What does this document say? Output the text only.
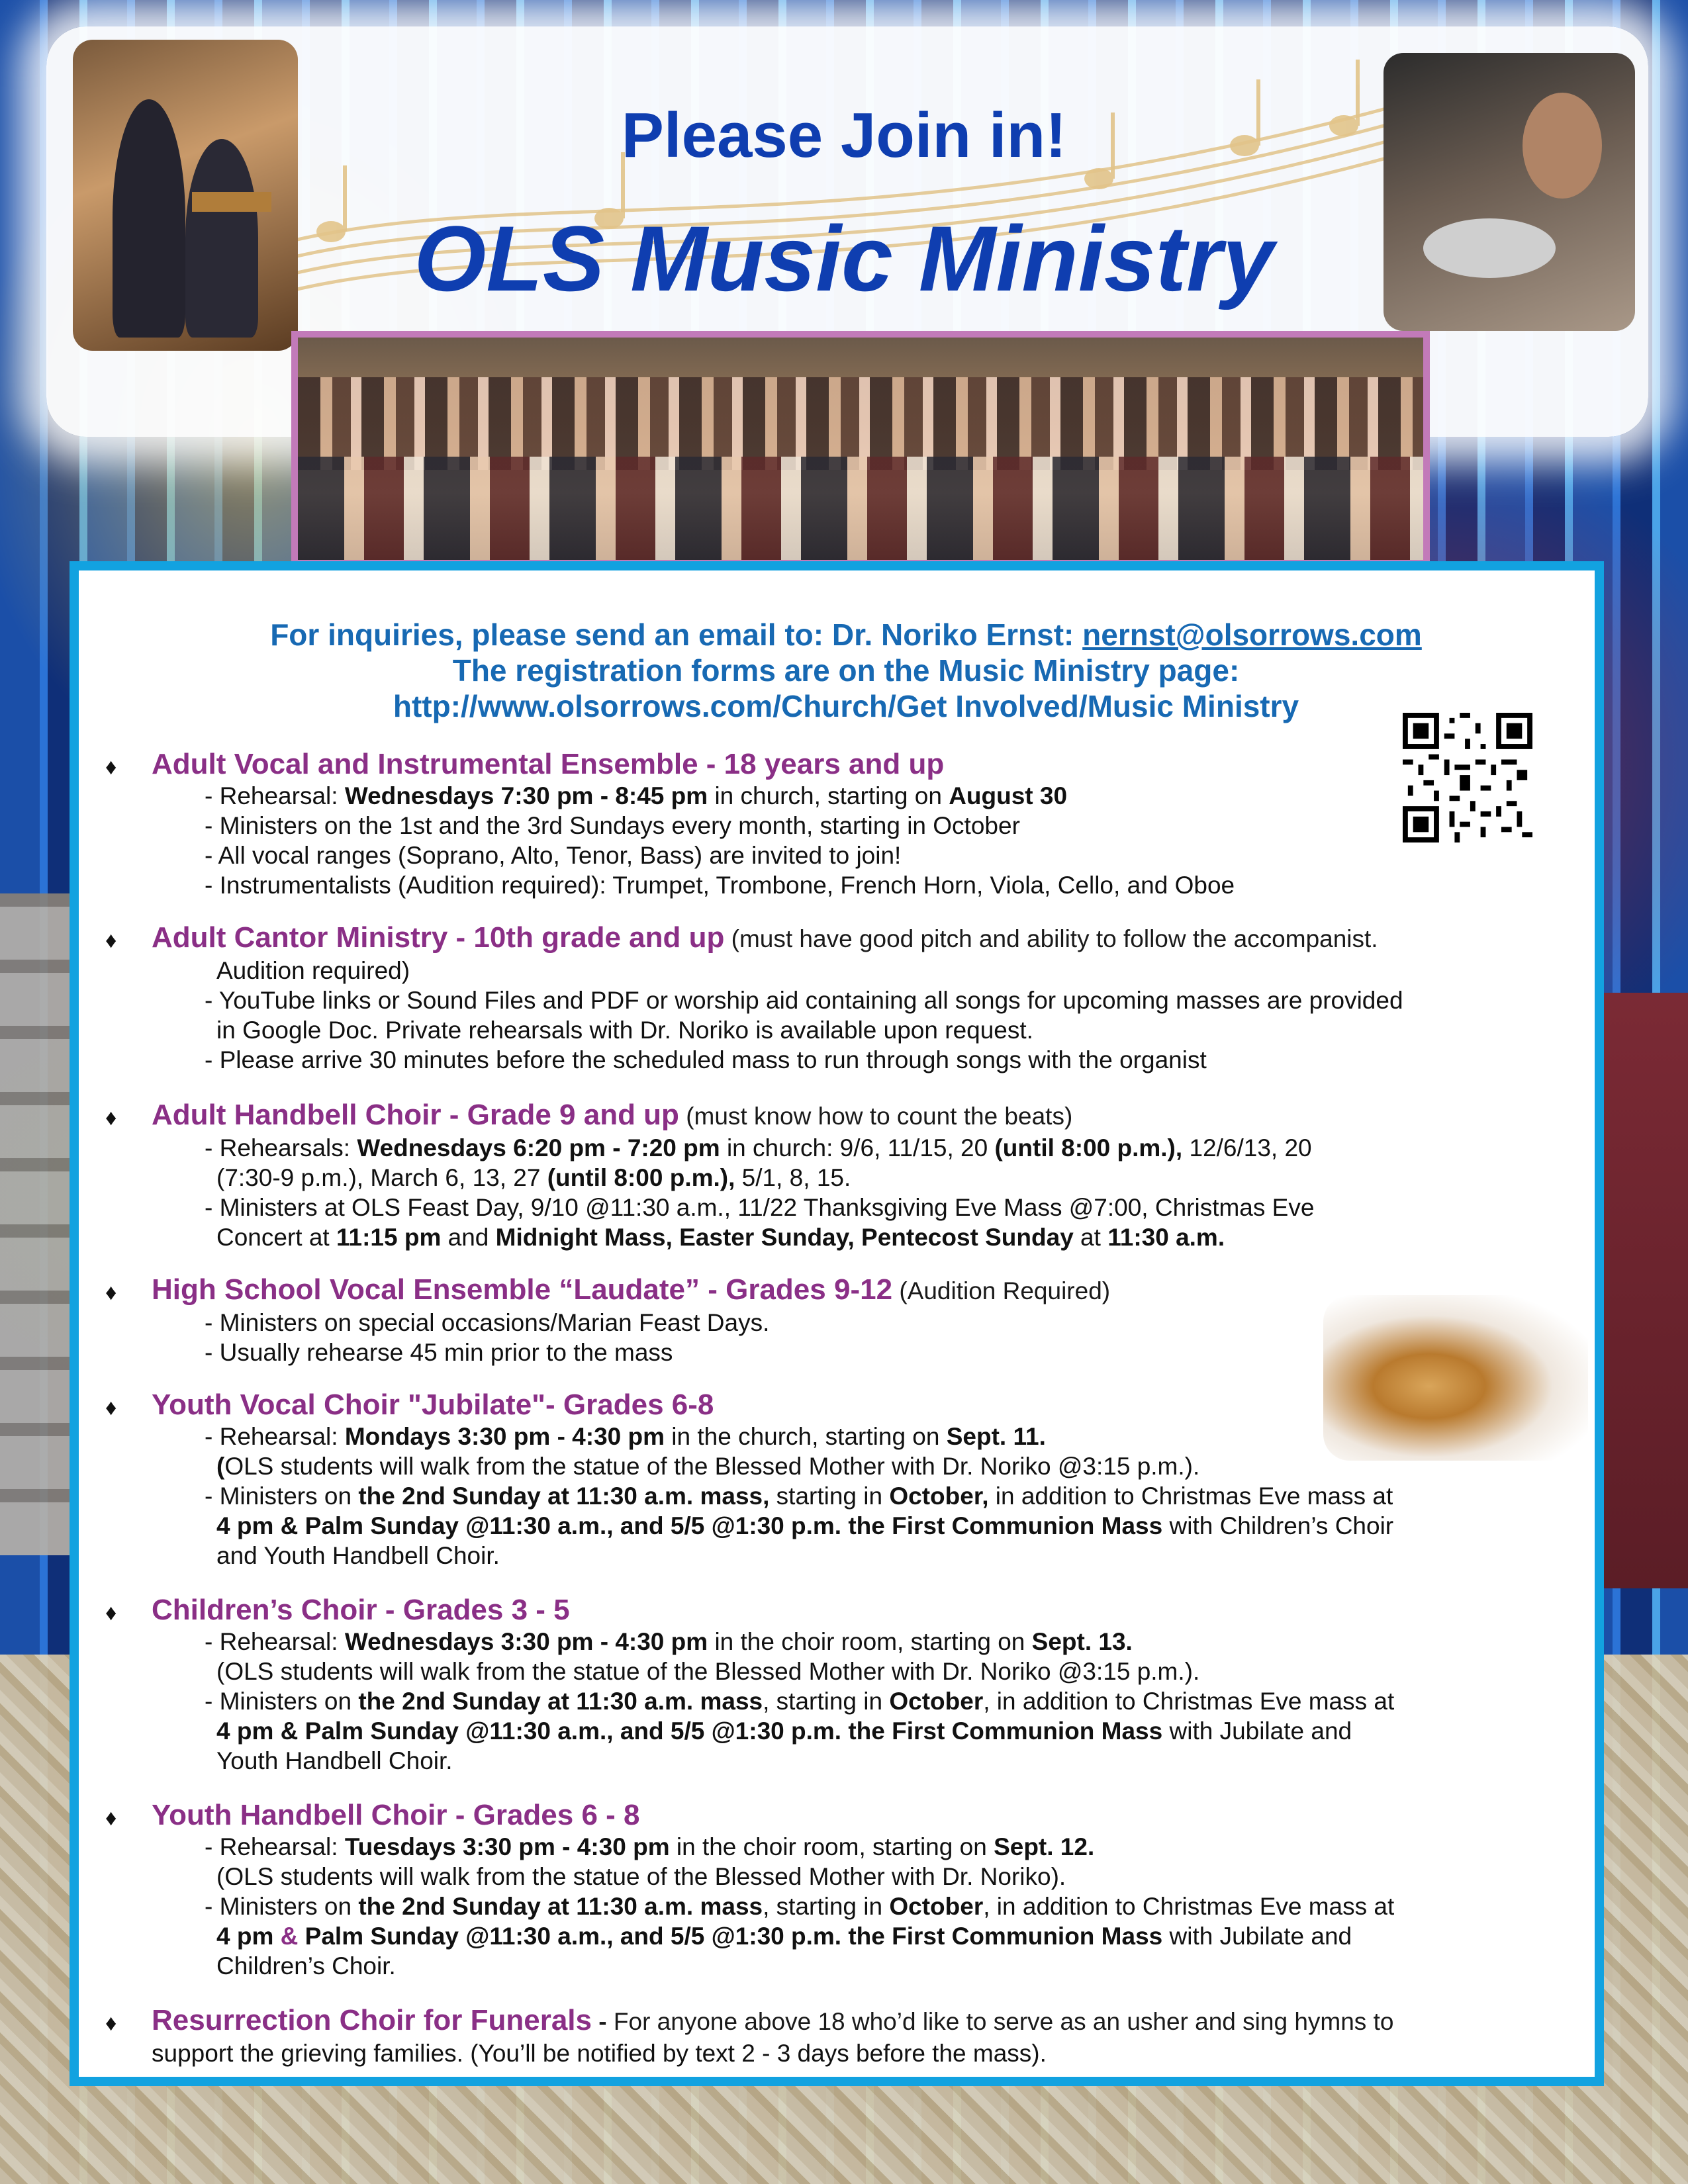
Please Join in!
OLS Music Ministry
For inquiries, please send an email to: Dr. Noriko Ernst: nernst@olsorrows.com
The registration forms are on the Music Ministry page:
http://www.olsorrows.com/Church/Get Involved/Music Ministry
♦ Adult Vocal and Instrumental Ensemble - 18 years and up
- Rehearsal: Wednesdays 7:30 pm - 8:45 pm in church, starting on August 30
- Ministers on the 1st and the 3rd Sundays every month, starting in October
- All vocal ranges (Soprano, Alto, Tenor, Bass) are invited to join!
- Instrumentalists (Audition required): Trumpet, Trombone, French Horn, Viola, Cello, and Oboe
♦ Adult Cantor Ministry - 10th grade and up (must have good pitch and ability to follow the accompanist.
Audition required)
- YouTube links or Sound Files and PDF or worship aid containing all songs for upcoming masses are provided
in Google Doc. Private rehearsals with Dr. Noriko is available upon request.
- Please arrive 30 minutes before the scheduled mass to run through songs with the organist
♦ Adult Handbell Choir - Grade 9 and up (must know how to count the beats)
- Rehearsals: Wednesdays 6:20 pm - 7:20 pm in church: 9/6, 11/15, 20 (until 8:00 p.m.), 12/6/13, 20
(7:30-9 p.m.), March 6, 13, 27 (until 8:00 p.m.), 5/1, 8, 15.
- Ministers at OLS Feast Day, 9/10 @11:30 a.m., 11/22 Thanksgiving Eve Mass @7:00, Christmas Eve
Concert at 11:15 pm and Midnight Mass, Easter Sunday, Pentecost Sunday at 11:30 a.m.
♦ High School Vocal Ensemble “Laudate” - Grades 9-12 (Audition Required)
- Ministers on special occasions/Marian Feast Days.
- Usually rehearse 45 min prior to the mass
♦ Youth Vocal Choir "Jubilate"- Grades 6-8
- Rehearsal: Mondays 3:30 pm - 4:30 pm in the church, starting on Sept. 11.
(OLS students will walk from the statue of the Blessed Mother with Dr. Noriko @3:15 p.m.).
- Ministers on the 2nd Sunday at 11:30 a.m. mass, starting in October, in addition to Christmas Eve mass at
4 pm & Palm Sunday @11:30 a.m., and 5/5 @1:30 p.m. the First Communion Mass with Children’s Choir
and Youth Handbell Choir.
♦ Children’s Choir - Grades 3 - 5
- Rehearsal: Wednesdays 3:30 pm - 4:30 pm in the choir room, starting on Sept. 13.
(OLS students will walk from the statue of the Blessed Mother with Dr. Noriko @3:15 p.m.).
- Ministers on the 2nd Sunday at 11:30 a.m. mass, starting in October, in addition to Christmas Eve mass at
4 pm & Palm Sunday @11:30 a.m., and 5/5 @1:30 p.m. the First Communion Mass with Jubilate and
Youth Handbell Choir.
♦ Youth Handbell Choir - Grades 6 - 8
- Rehearsal: Tuesdays 3:30 pm - 4:30 pm in the choir room, starting on Sept. 12.
(OLS students will walk from the statue of the Blessed Mother with Dr. Noriko).
- Ministers on the 2nd Sunday at 11:30 a.m. mass, starting in October, in addition to Christmas Eve mass at
4 pm & Palm Sunday @11:30 a.m., and 5/5 @1:30 p.m. the First Communion Mass with Jubilate and
Children’s Choir.
♦ Resurrection Choir for Funerals - For anyone above 18 who’d like to serve as an usher and sing hymns to
support the grieving families. (You’ll be notified by text 2 - 3 days before the mass).
